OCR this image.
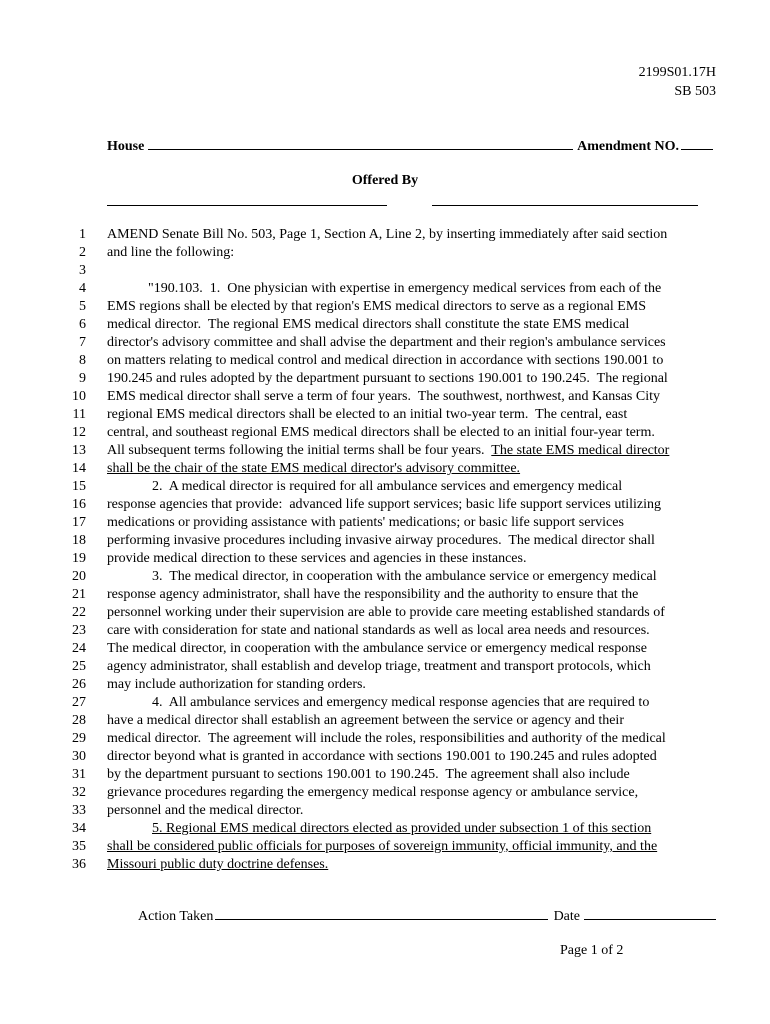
2199S01.17H
SB 503
House	Amendment NO.
Offered By
1 AMEND Senate Bill No. 503, Page 1, Section A, Line 2, by inserting immediately after said section
2 and line the following:
3
4	"190.103.  1.  One physician with expertise in emergency medical services from each of the
5 EMS regions shall be elected by that region's EMS medical directors to serve as a regional EMS
6 medical director.  The regional EMS medical directors shall constitute the state EMS medical
7 director's advisory committee and shall advise the department and their region's ambulance services
8 on matters relating to medical control and medical direction in accordance with sections 190.001 to
9 190.245 and rules adopted by the department pursuant to sections 190.001 to 190.245.  The regional
10 EMS medical director shall serve a term of four years.  The southwest, northwest, and Kansas City
11 regional EMS medical directors shall be elected to an initial two-year term.  The central, east
12 central, and southeast regional EMS medical directors shall be elected to an initial four-year term.
13 All subsequent terms following the initial terms shall be four years.  The state EMS medical director
14 shall be the chair of the state EMS medical director's advisory committee.
15	2.  A medical director is required for all ambulance services and emergency medical
16 response agencies that provide:  advanced life support services; basic life support services utilizing
17 medications or providing assistance with patients' medications; or basic life support services
18 performing invasive procedures including invasive airway procedures.  The medical director shall
19 provide medical direction to these services and agencies in these instances.
20	3.  The medical director, in cooperation with the ambulance service or emergency medical
21 response agency administrator, shall have the responsibility and the authority to ensure that the
22 personnel working under their supervision are able to provide care meeting established standards of
23 care with consideration for state and national standards as well as local area needs and resources.
24 The medical director, in cooperation with the ambulance service or emergency medical response
25 agency administrator, shall establish and develop triage, treatment and transport protocols, which
26 may include authorization for standing orders.
27	4.  All ambulance services and emergency medical response agencies that are required to
28 have a medical director shall establish an agreement between the service or agency and their
29 medical director.  The agreement will include the roles, responsibilities and authority of the medical
30 director beyond what is granted in accordance with sections 190.001 to 190.245 and rules adopted
31 by the department pursuant to sections 190.001 to 190.245.  The agreement shall also include
32 grievance procedures regarding the emergency medical response agency or ambulance service,
33 personnel and the medical director.
34	5. Regional EMS medical directors elected as provided under subsection 1 of this section
35 shall be considered public officials for purposes of sovereign immunity, official immunity, and the
36 Missouri public duty doctrine defenses.
Action Taken	Date
Page 1 of 2
